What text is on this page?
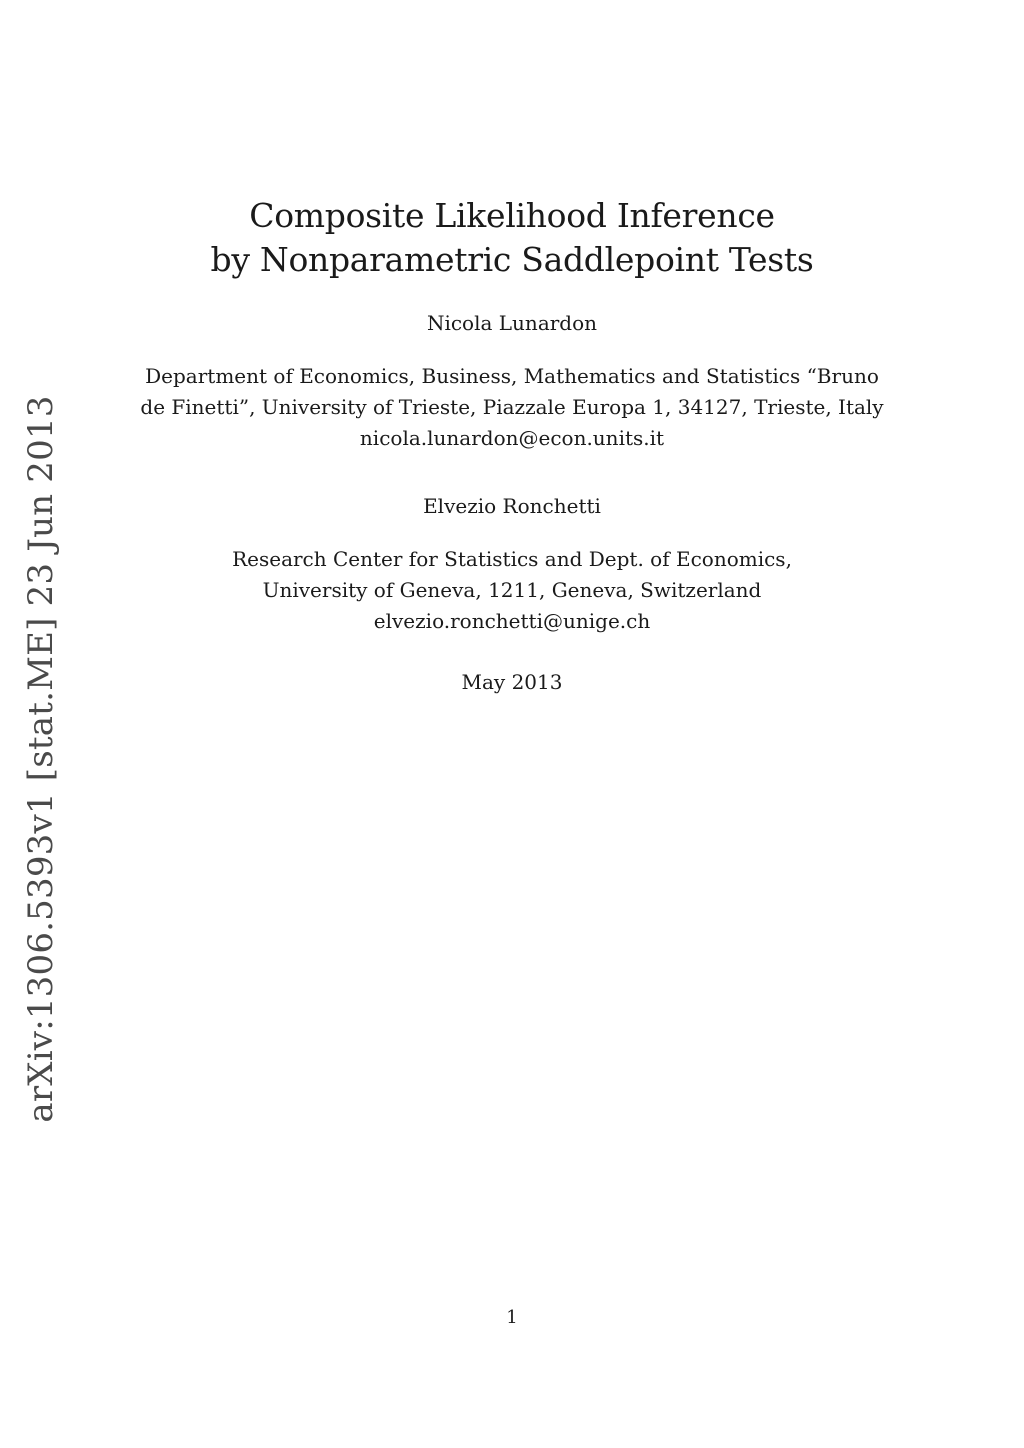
arXiv:1306.5393v1 [stat.ME] 23 Jun 2013
Composite Likelihood Inference
by Nonparametric Saddlepoint Tests
Nicola Lunardon
Department of Economics, Business, Mathematics and Statistics “Bruno
de Finetti”, University of Trieste, Piazzale Europa 1, 34127, Trieste, Italy
nicola.lunardon@econ.units.it
Elvezio Ronchetti
Research Center for Statistics and Dept. of Economics,
University of Geneva, 1211, Geneva, Switzerland
elvezio.ronchetti@unige.ch
May 2013
1
